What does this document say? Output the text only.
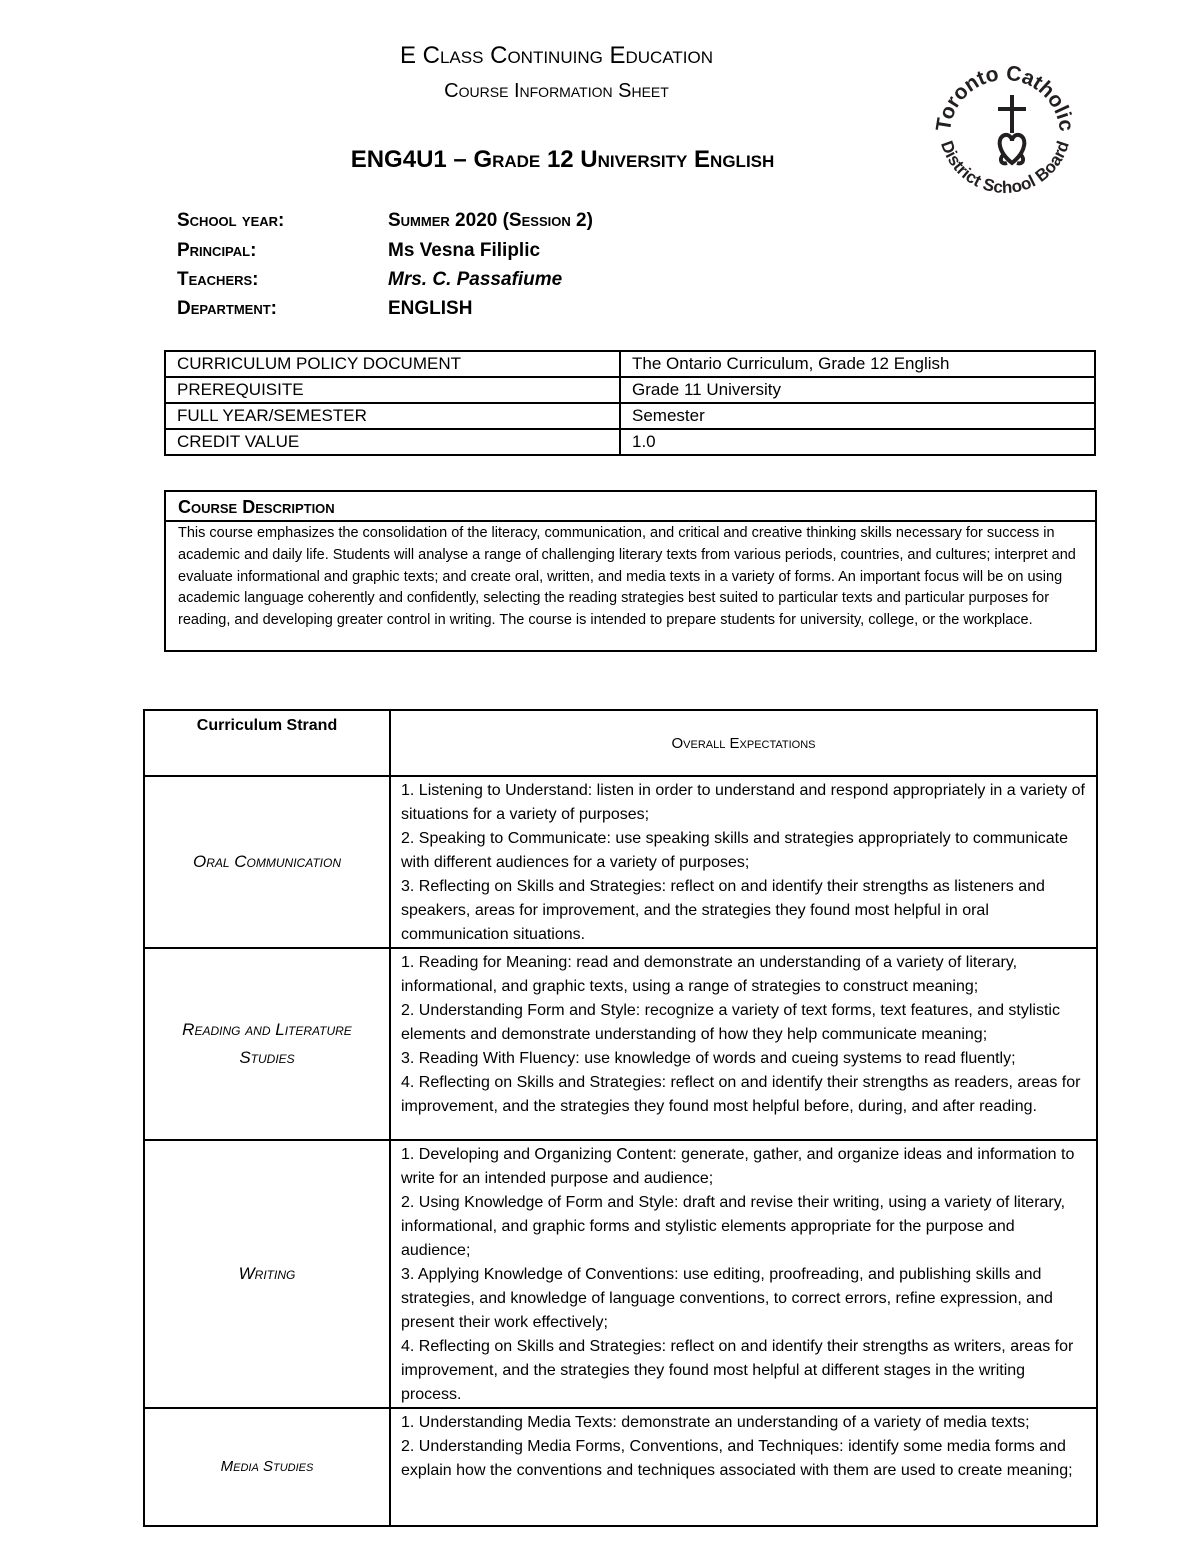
E Class Continuing Education
Course Information Sheet
ENG4U1 – Grade 12 University English
Toronto Catholic
District School Board
School year:	Summer 2020 (Session 2)
Principal:	Ms Vesna Filiplic
Teachers:	Mrs. C. Passafiume
Department:	ENGLISH
CURRICULUM POLICY DOCUMENT	The Ontario Curriculum, Grade 12 English
PREREQUISITE	Grade 11 University
FULL YEAR/SEMESTER	Semester
CREDIT VALUE	1.0
Course Description
This course emphasizes the consolidation of the literacy, communication, and critical and creative thinking skills necessary for success in academic and daily life. Students will analyse a range of challenging literary texts from various periods, countries, and cultures; interpret and evaluate informational and graphic texts; and create oral, written, and media texts in a variety of forms. An important focus will be on using academic language coherently and confidently, selecting the reading strategies best suited to particular texts and particular purposes for reading, and developing greater control in writing. The course is intended to prepare students for university, college, or the workplace.
Curriculum Strand	Overall Expectations
Oral Communication	1. Listening to Understand: listen in order to understand and respond appropriately in a variety of situations for a variety of purposes;
2. Speaking to Communicate: use speaking skills and strategies appropriately to communicate with different audiences for a variety of purposes;
3. Reflecting on Skills and Strategies: reflect on and identify their strengths as listeners and speakers, areas for improvement, and the strategies they found most helpful in oral communication situations.

Reading and Literature Studies	1. Reading for Meaning: read and demonstrate an understanding of a variety of literary, informational, and graphic texts, using a range of strategies to construct meaning;
2. Understanding Form and Style: recognize a variety of text forms, text features, and stylistic elements and demonstrate understanding of how they help communicate meaning;
3. Reading With Fluency: use knowledge of words and cueing systems to read fluently;
4. Reflecting on Skills and Strategies: reflect on and identify their strengths as readers, areas for improvement, and the strategies they found most helpful before, during, and after reading.

Writing	1. Developing and Organizing Content: generate, gather, and organize ideas and information to write for an intended purpose and audience;
2. Using Knowledge of Form and Style: draft and revise their writing, using a variety of literary, informational, and graphic forms and stylistic elements appropriate for the purpose and audience;
3. Applying Knowledge of Conventions: use editing, proofreading, and publishing skills and strategies, and knowledge of language conventions, to correct errors, refine expression, and present their work effectively;
4. Reflecting on Skills and Strategies: reflect on and identify their strengths as writers, areas for improvement, and the strategies they found most helpful at different stages in the writing process.

Media Studies	1. Understanding Media Texts: demonstrate an understanding of a variety of media texts;
2. Understanding Media Forms, Conventions, and Techniques: identify some media forms and explain how the conventions and techniques associated with them are used to create meaning;
